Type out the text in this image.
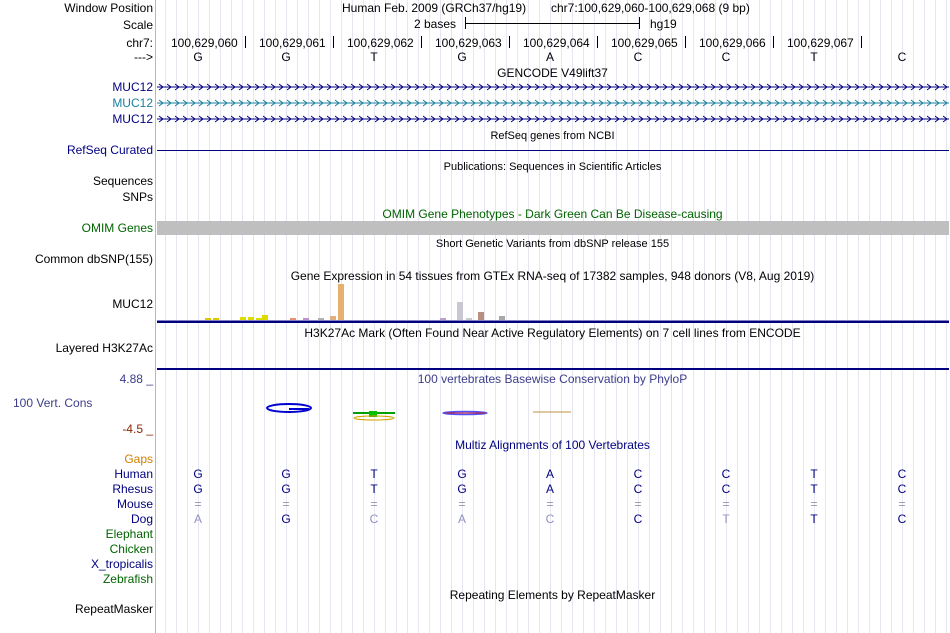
Window Position	Human Feb. 2009 (GRCh37/hg19) chr7:100,629,060-100,629,068 (9 bp)
Scale	2 bases	hg19
chr7: 100,629,060 100,629,061 100,629,062 100,629,063 100,629,064 100,629,065 100,629,066 100,629,067
--->	G	G	T	G	A	C	C	T	C
GENCODE V49lift37
MUC12
MUC12
MUC12
RefSeq genes from NCBI
RefSeq Curated
Publications: Sequences in Scientific Articles
Sequences
SNPs
OMIM Gene Phenotypes - Dark Green Can Be Disease-causing
OMIM Genes
Short Genetic Variants from dbSNP release 155
Common dbSNP(155)
Gene Expression in 54 tissues from GTEx RNA-seq of 17382 samples, 948 donors (V8, Aug 2019)
MUC12
H3K27Ac Mark (Often Found Near Active Regulatory Elements) on 7 cell lines from ENCODE
Layered H3K27Ac
100 vertebrates Basewise Conservation by PhyloP
4.88 _
100 Vert. Cons
-4.5 _
Multiz Alignments of 100 Vertebrates
Gaps
Human	G	G	T	G	A	C	C	T	C
Rhesus	G	G	T	G	A	C	C	T	C
Mouse	=	=	=	=	=	=	=	=	=
Dog	A	G	C	A	C	C	T	T	C
Elephant
Chicken
X_tropicalis
Zebrafish
Repeating Elements by RepeatMasker
RepeatMasker
